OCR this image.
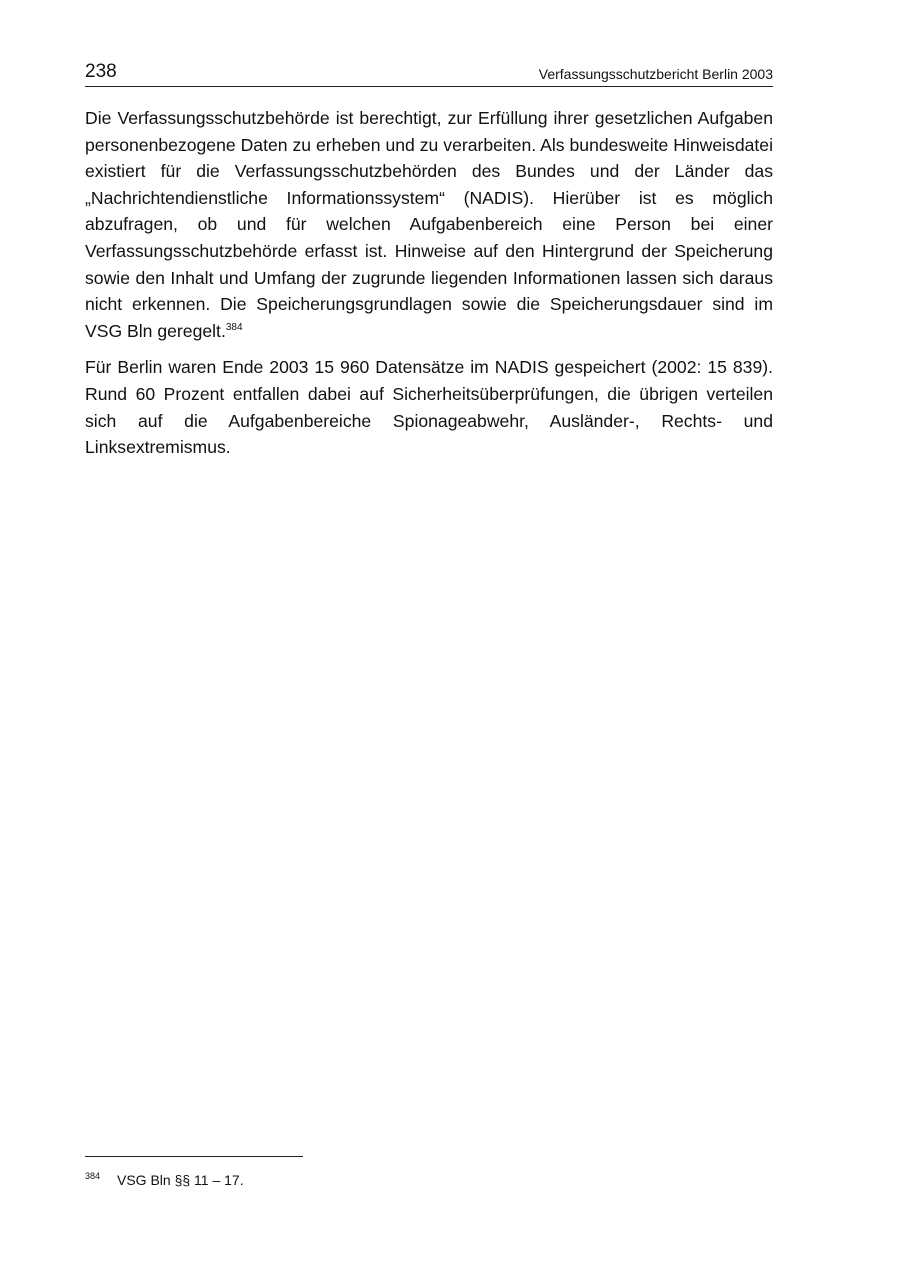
238	Verfassungsschutzbericht Berlin 2003

Die Verfassungsschutzbehörde ist berechtigt, zur Erfüllung ihrer gesetzlichen Aufgaben personenbezogene Daten zu erheben und zu verarbeiten. Als bundesweite Hinweisdatei existiert für die Verfassungsschutzbehörden des Bundes und der Länder das „Nachrichtendienstliche Informationssystem“ (NADIS). Hierüber ist es möglich abzufragen, ob und für welchen Aufgabenbereich eine Person bei einer Verfassungsschutzbehörde erfasst ist. Hinweise auf den Hintergrund der Speicherung sowie den Inhalt und Umfang der zugrunde liegenden Informationen lassen sich daraus nicht erkennen. Die Speicherungsgrundlagen sowie die Speicherungsdauer sind im VSG Bln geregelt.$^{384}$

Für Berlin waren Ende 2003 15 960 Datensätze im NADIS gespeichert (2002: 15 839). Rund 60 Prozent entfallen dabei auf Sicherheitsüberprüfungen, die übrigen verteilen sich auf die Aufgabenbereiche Spionageabwehr, Ausländer-, Rechts- und Linksextremismus.

384 VSG Bln §§ 11 – 17.
